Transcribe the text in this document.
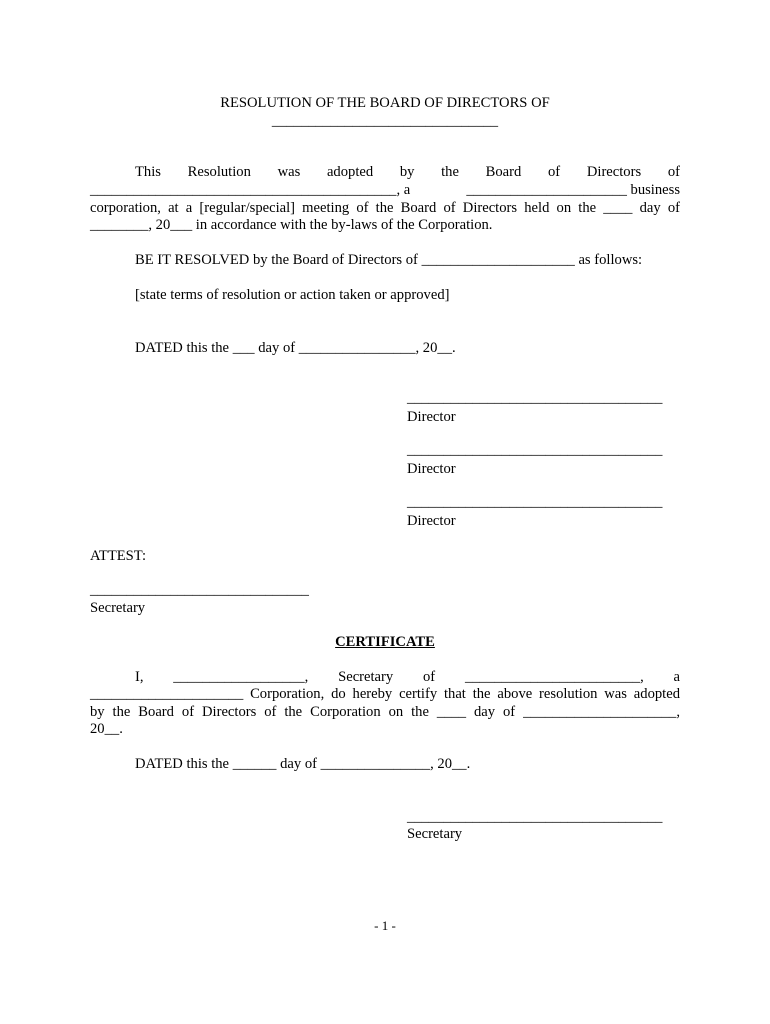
RESOLUTION OF THE BOARD OF DIRECTORS OF
_______________________________
This Resolution was adopted by the Board of Directors of
__________________________________________, a	______________________ business
corporation, at a [regular/special] meeting of the Board of Directors held on the ____ day of
________, 20___ in accordance with the by-laws of the Corporation.
BE IT RESOLVED by the Board of Directors of _____________________ as follows:
[state terms of resolution or action taken or approved]
DATED this the ___ day of ________________, 20__.
___________________________________
Director
___________________________________
Director
___________________________________
Director
ATTEST:
______________________________
Secretary
CERTIFICATE
I, __________________, Secretary of ________________________, a
_____________________ Corporation, do hereby certify that the above resolution was adopted
by the Board of Directors of the Corporation on the ____ day of _____________________,
20__.
DATED this the ______ day of _______________, 20__.
___________________________________
Secretary
- 1 -
